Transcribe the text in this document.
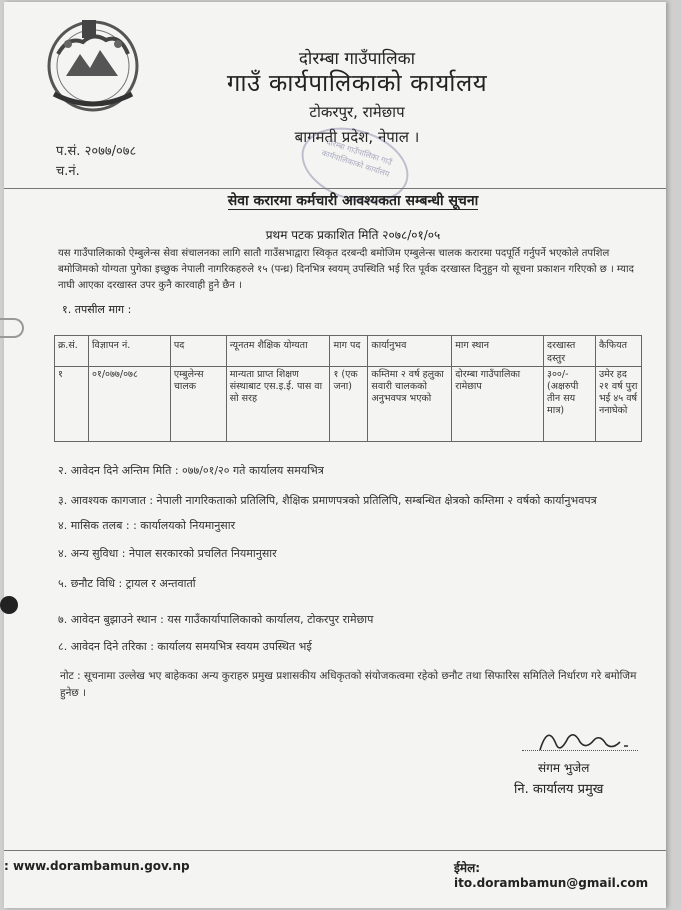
दोरम्बा गाउँपालिका
गाउँ कार्यपालिकाको कार्यालय
टोकरपुर, रामेछाप
बागमती प्रदेश, नेपाल ।
प.सं. २०७७/०७८
च.नं.
दोरम्बा गाउँपालिका गाउँ कार्यपालिकाको कार्यालय
सेवा करारमा कर्मचारी आवश्यकता सम्बन्धी सूचना
प्रथम पटक प्रकाशित मिति २०७८/०१/०५
यस गाउँपालिकाको ऐम्बुलेन्स सेवा संचालनका लागि सातौ गाउँसभाद्वारा स्विकृत दरबन्दी बमोजिम एम्बुलेन्स चालक करारमा पदपूर्ति गर्नुपर्ने भएकोले तपशिल बमोजिमको योग्यता पुगेका इच्छुक नेपाली नागरिकहरुले १५ (पन्ध्र) दिनभित्र स्वयम् उपस्थिति भई रित पूर्वक दरखास्त दिनुहुन यो सूचना प्रकाशन गरिएको छ । म्याद नाघी आएका दरखास्त उपर कुनै कारवाही हुने छैन ।
१. तपसील माग :
क्र.सं.	विज्ञापन नं.	पद	न्यूनतम शैक्षिक योग्यता	माग पद	कार्यानुभव	माग स्थान	दरखास्त दस्तुर	कैफियत
१	०१/०७७/०७८	एम्बुलेन्स चालक	मान्यता प्राप्त शिक्षण संस्थाबाट एस.इ.ई. पास वा सो सरह	१ (एक जना)	कम्तिमा २ वर्ष हलुका सवारी चालकको अनुभवपत्र भएको	दोरम्बा गाउँपालिका रामेछाप	३००/- (अक्षरुपी तीन सय मात्र)	उमेर हद २१ वर्ष पुरा भई ४५ वर्ष ननाघेको
२. आवेदन दिने अन्तिम मिति : ०७७/०१/२० गते कार्यालय समयभित्र
३. आवश्यक कागजात : नेपाली नागरिकताको प्रतिलिपि, शैक्षिक प्रमाणपत्रको प्रतिलिपि, सम्बन्धित क्षेत्रको कम्तिमा २ वर्षको कार्यानुभवपत्र
४. मासिक तलब : : कार्यालयको नियमानुसार
४. अन्य सुविधा : नेपाल सरकारको प्रचलित नियमानुसार
५. छनौट विधि : ट्रायल र अन्तवार्ता
७. आवेदन बुझाउने स्थान : यस गाउँकार्यापालिकाको कार्यालय, टोकरपुर रामेछाप
८. आवेदन दिने तरिका : कार्यालय समयभित्र स्वयम उपस्थित भई
नोट : सूचनामा उल्लेख भए बाहेकका अन्य कुराहरु प्रमुख प्रशासकीय अधिकृतको संयोजकत्वमा रहेको छनौट तथा सिफारिस समितिले निर्धारण गरे बमोजिम हुनेछ ।
संगम भुजेल
नि. कार्यालय प्रमुख
: www.dorambamun.gov.np	ईमेल: ito.dorambamun@gmail.com
